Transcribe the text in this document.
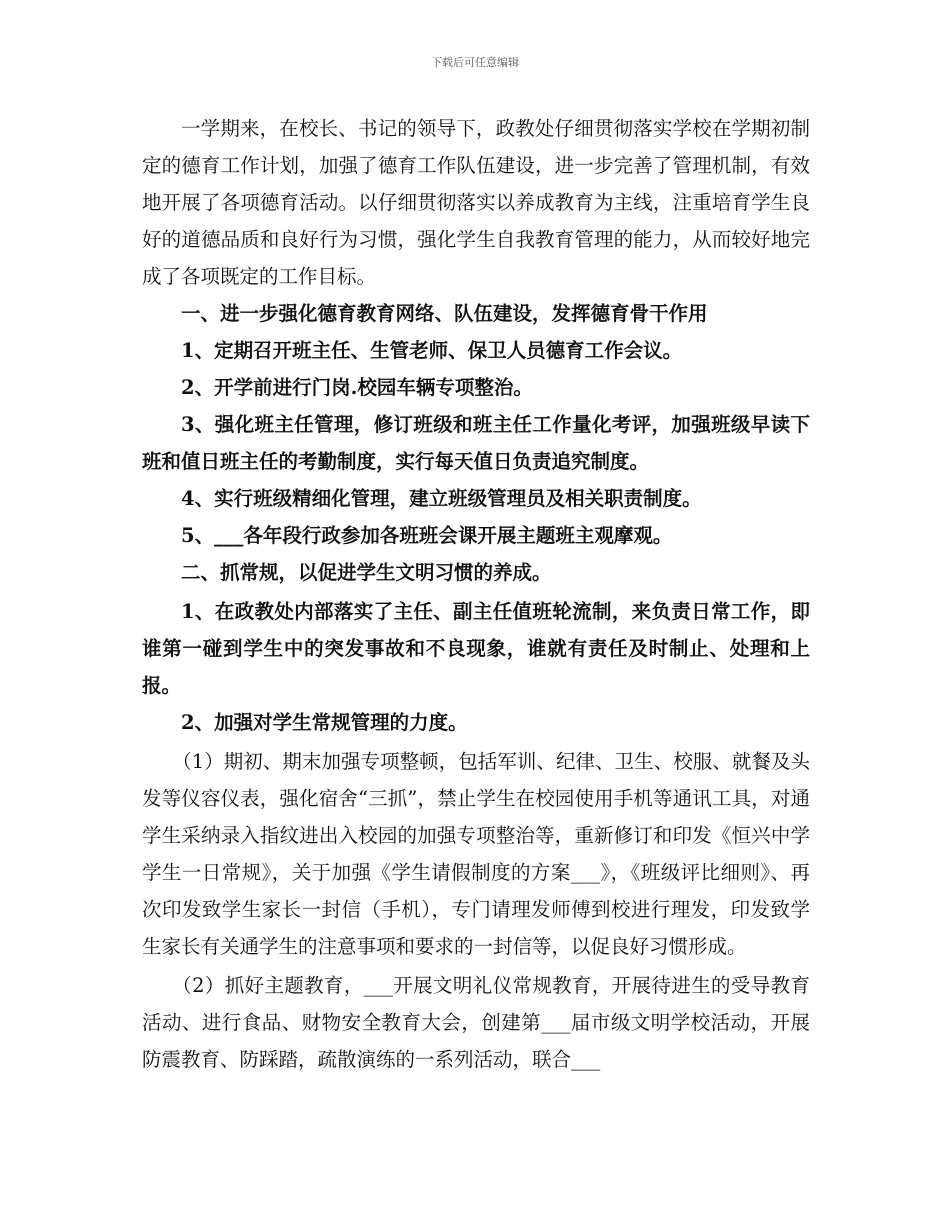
下载后可任意编辑

一学期来，在校长、书记的领导下，政教处仔细贯彻落实学校在学期初制定的德育工作计划，加强了德育工作队伍建设，进一步完善了管理机制，有效地开展了各项德育活动。以仔细贯彻落实以养成教育为主线，注重培育学生良好的道德品质和良好行为习惯，强化学生自我教育管理的能力，从而较好地完成了各项既定的工作目标。

一、进一步强化德育教育网络、队伍建设，发挥德育骨干作用

1、定期召开班主任、生管老师、保卫人员德育工作会议。

2、开学前进行门岗.校园车辆专项整治。

3、强化班主任管理，修订班级和班主任工作量化考评，加强班级早读下班和值日班主任的考勤制度，实行每天值日负责追究制度。

4、实行班级精细化管理，建立班级管理员及相关职责制度。

5、___各年段行政参加各班班会课开展主题班主观摩观。

二、抓常规，以促进学生文明习惯的养成。

1、在政教处内部落实了主任、副主任值班轮流制，来负责日常工作，即谁第一碰到学生中的突发事故和不良现象，谁就有责任及时制止、处理和上报。

2、加强对学生常规管理的力度。

（1）期初、期末加强专项整顿，包括军训、纪律、卫生、校服、就餐及头发等仪容仪表，强化宿舍“三抓”，禁止学生在校园使用手机等通讯工具，对通学生采纳录入指纹进出入校园的加强专项整治等，重新修订和印发《恒兴中学学生一日常规》，关于加强《学生请假制度的方案___》，《班级评比细则》、再次印发致学生家长一封信（手机），专门请理发师傅到校进行理发，印发致学生家长有关通学生的注意事项和要求的一封信等，以促良好习惯形成。

（2）抓好主题教育，___开展文明礼仪常规教育，开展待进生的受导教育活动、进行食品、财物安全教育大会，创建第___届市级文明学校活动，开展防震教育、防踩踏，疏散演练的一系列活动，联合___
